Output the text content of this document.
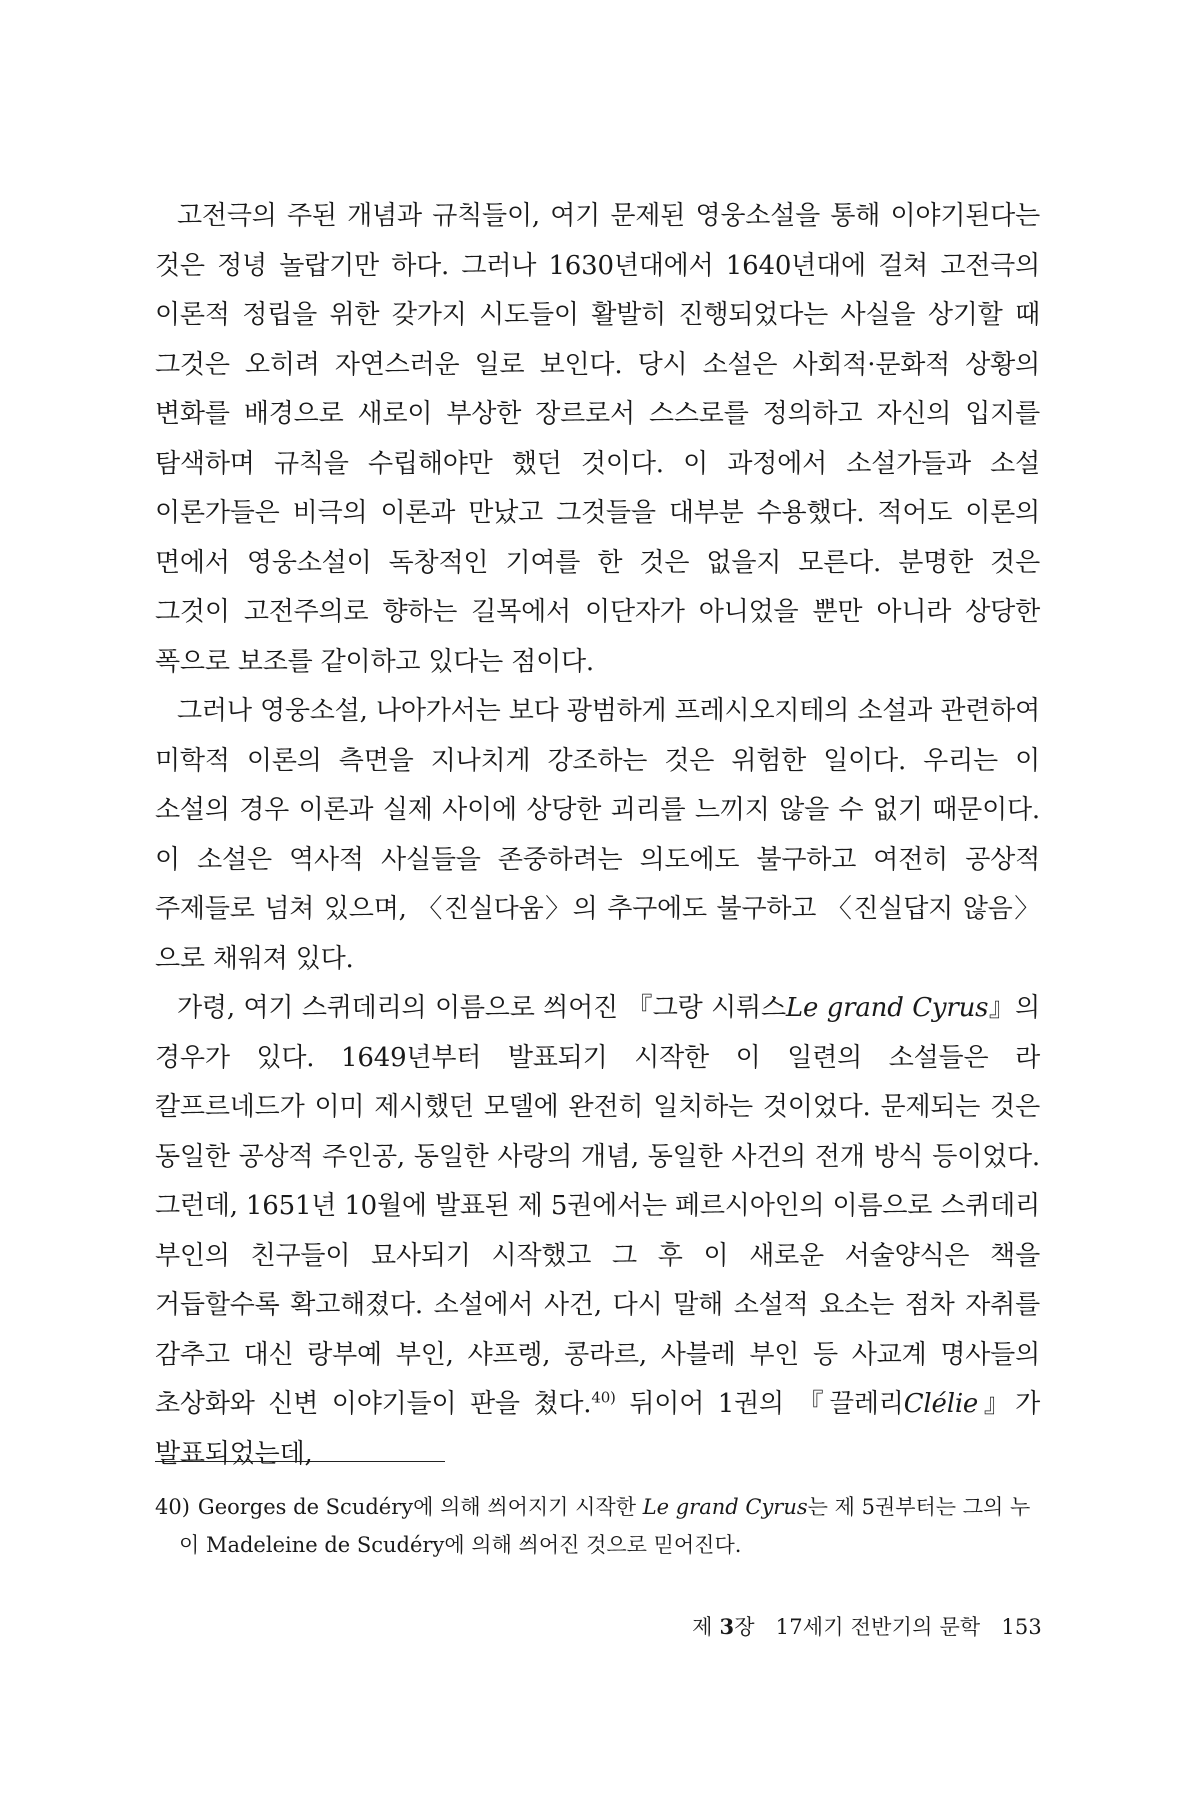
고전극의 주된 개념과 규칙들이, 여기 문제된 영웅소설을 통해 이야기된다는 것은 정녕 놀랍기만 하다. 그러나 1630년대에서 1640년대에 걸쳐 고전극의 이론적 정립을 위한 갖가지 시도들이 활발히 진행되었다는 사실을 상기할 때 그것은 오히려 자연스러운 일로 보인다. 당시 소설은 사회적·문화적 상황의 변화를 배경으로 새로이 부상한 장르로서 스스로를 정의하고 자신의 입지를 탐색하며 규칙을 수립해야만 했던 것이다. 이 과정에서 소설가들과 소설 이론가들은 비극의 이론과 만났고 그것들을 대부분 수용했다. 적어도 이론의 면에서 영웅소설이 독창적인 기여를 한 것은 없을지 모른다. 분명한 것은 그것이 고전주의로 향하는 길목에서 이단자가 아니었을 뿐만 아니라 상당한 폭으로 보조를 같이하고 있다는 점이다.

그러나 영웅소설, 나아가서는 보다 광범하게 프레시오지테의 소설과 관련하여 미학적 이론의 측면을 지나치게 강조하는 것은 위험한 일이다. 우리는 이 소설의 경우 이론과 실제 사이에 상당한 괴리를 느끼지 않을 수 없기 때문이다. 이 소설은 역사적 사실들을 존중하려는 의도에도 불구하고 여전히 공상적 주제들로 넘쳐 있으며, 〈진실다움〉의 추구에도 불구하고 〈진실답지 않음〉으로 채워져 있다.

가령, 여기 스퀴데리의 이름으로 씌어진 『그랑 시뤼스Le grand Cyrus』의 경우가 있다. 1649년부터 발표되기 시작한 이 일련의 소설들은 라 칼프르네드가 이미 제시했던 모델에 완전히 일치하는 것이었다. 문제되는 것은 동일한 공상적 주인공, 동일한 사랑의 개념, 동일한 사건의 전개 방식 등이었다. 그런데, 1651년 10월에 발표된 제 5권에서는 페르시아인의 이름으로 스퀴데리 부인의 친구들이 묘사되기 시작했고 그 후 이 새로운 서술양식은 책을 거듭할수록 확고해졌다. 소설에서 사건, 다시 말해 소설적 요소는 점차 자취를 감추고 대신 랑부예 부인, 샤프렝, 콩라르, 사블레 부인 등 사교계 명사들의 초상화와 신변 이야기들이 판을 쳤다.$^{40)}$ 뒤이어 1권의 『끌레리Clélie』가 발표되었는데,

40) Georges de Scudéry에 의해 씌어지기 시작한 Le grand Cyrus는 제 5권부터는 그의 누이 Madeleine de Scudéry에 의해 씌어진 것으로 믿어진다.

제 3장 17세기 전반기의 문학 153
